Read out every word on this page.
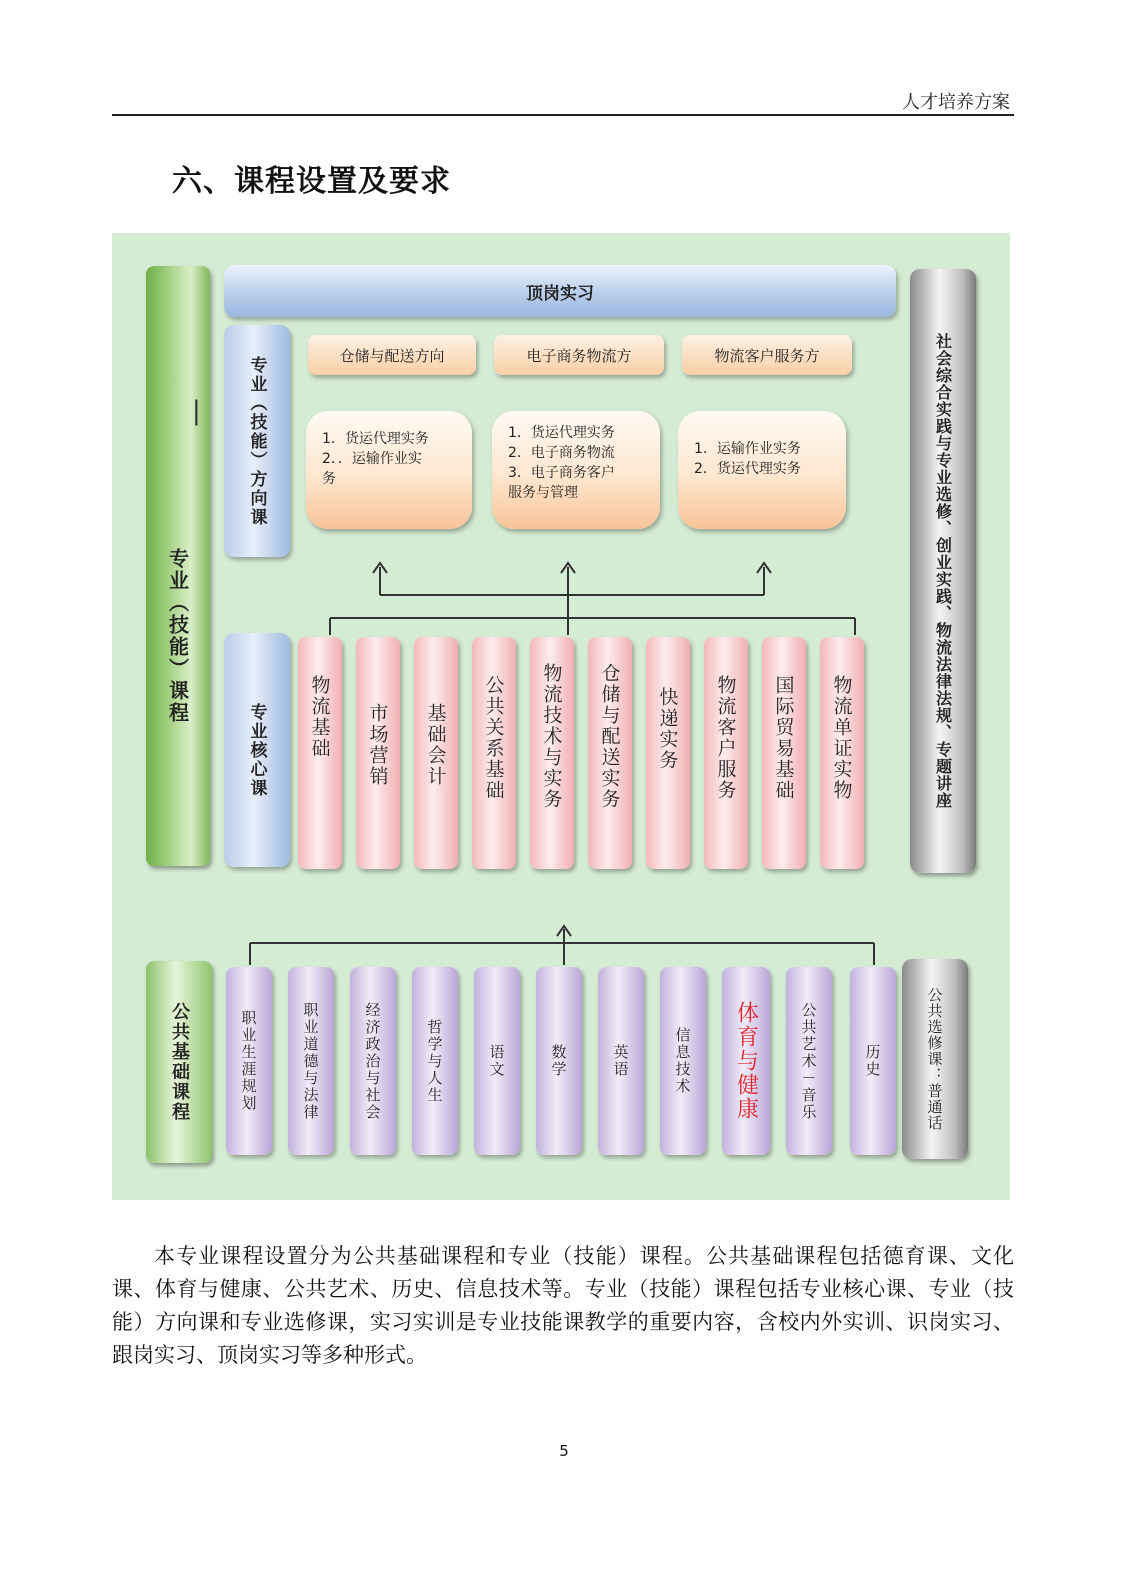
人才培养方案
六、课程设置及要求
专业（技能）课程
|
顶岗实习
社会综合实践与专业选修、创业实践、物流法律法规、专题讲座
专业（技能）方向课	仓储与配送方向	电子商务物流方	物流客户服务方
1．货运代理实务
2．．运输作业实
务
1．货运代理实务
2．电子商务物流
3．电子商务客户
服务与管理
1．运输作业实务
2．货运代理实务
专业核心课 物流基础 市场营销 基础会计 公共关系基础 物流技术与实务 仓储与配送实务 快递实务 物流客户服务 国际贸易基础 物流单证实物
公共基础课程	职业生涯规划	职业道德与法律	经济政治与社会	哲学与人生	语文	数学	英语	信息技术 体育与健康	公共艺术－音乐	历史	公共选修课：普通话
本专业课程设置分为公共基础课程和专业（技能）课程。公共基础课程包括德育课、文化课、体育与健康、公共艺术、历史、信息技术等。专业（技能）课程包括专业核心课、专业（技能）方向课和专业选修课，实习实训是专业技能课教学的重要内容，含校内外实训、识岗实习、跟岗实习、顶岗实习等多种形式。
5
